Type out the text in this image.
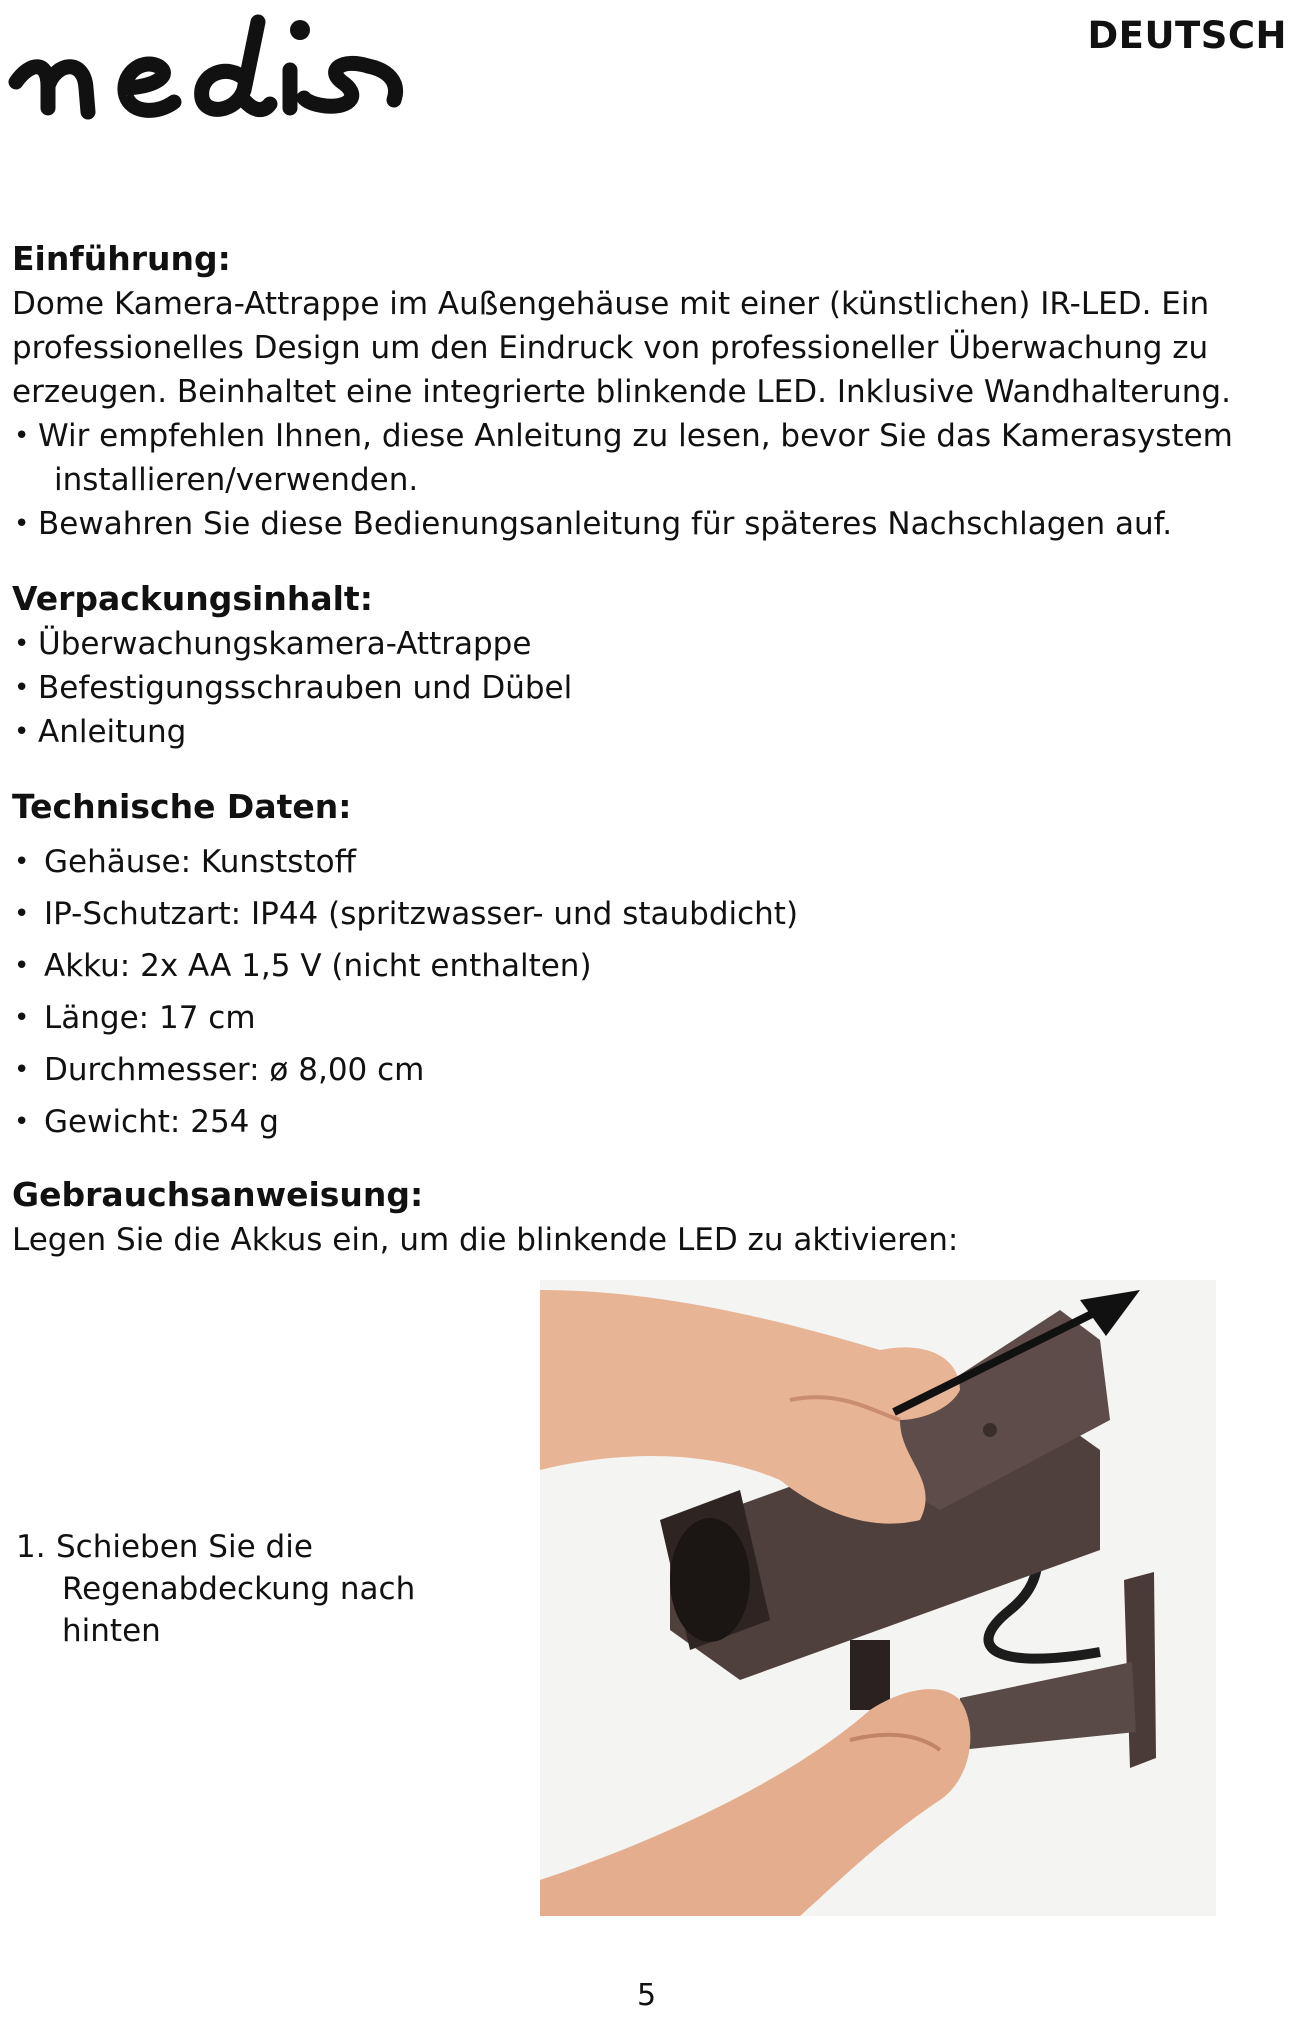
DEUTSCH
Einführung:

Dome Kamera-Attrappe im Außengehäuse mit einer (künstlichen) IR-LED. Ein

professionelles Design um den Eindruck von professioneller Überwachung zu

erzeugen. Beinhaltet eine integrierte blinkende LED. Inklusive Wandhalterung.

• Wir empfehlen Ihnen, diese Anleitung zu lesen, bevor Sie das Kamerasystem
installieren/verwenden.
• Bewahren Sie diese Bedienungsanleitung für späteres Nachschlagen auf.
Verpackungsinhalt:
• Überwachungskamera-Attrappe
• Befestigungsschrauben und Dübel
• Anleitung
Technische Daten:
• Gehäuse: Kunststoff
• IP-Schutzart: IP44 (spritzwasser- und staubdicht)
• Akku: 2x AA 1,5 V (nicht enthalten)
• Länge: 17 cm
• Durchmesser: ø 8,00 cm
• Gewicht: 254 g
Gebrauchsanweisung:

Legen Sie die Akkus ein, um die blinkende LED zu aktivieren:

1. Schieben Sie die
Regenabdeckung nach
hinten
5
